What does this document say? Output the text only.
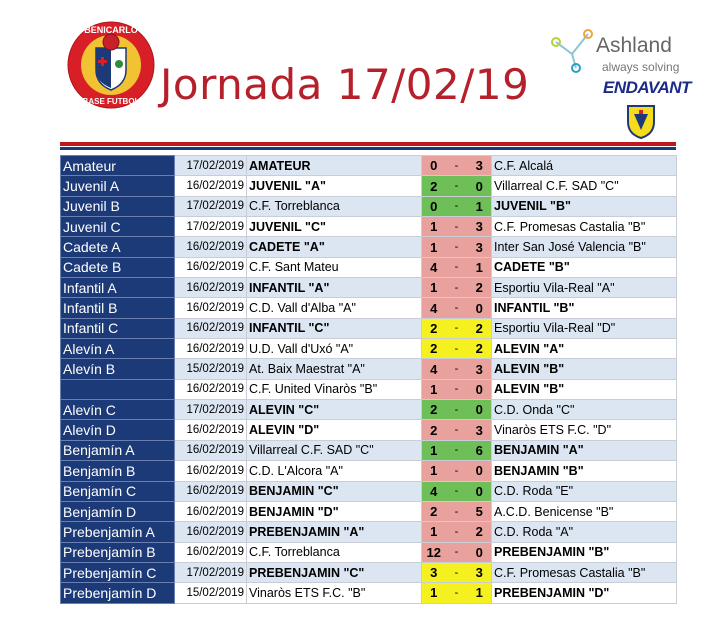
BENICARLO
BASE FUTBOL Jornada 17/02/19
Ashland
always solving
ENDAVANT
Amateur	17/02/2019	AMATEUR	0	-	3	C.F. Alcalá
Juvenil A	16/02/2019	JUVENIL "A"	2	-	0	Villarreal C.F. SAD "C"
Juvenil B	17/02/2019	C.F. Torreblanca	0	-	1	JUVENIL "B"
Juvenil C	17/02/2019	JUVENIL "C"	1	-	3	C.F. Promesas Castalia "B"
Cadete A	16/02/2019	CADETE "A"	1	-	3	Inter San José Valencia "B"
Cadete B	16/02/2019	C.F. Sant Mateu	4	-	1	CADETE "B"
Infantil A	16/02/2019	INFANTIL "A"	1	-	2	Esportiu Vila-Real "A"
Infantil B	16/02/2019	C.D. Vall d'Alba "A"	4	-	0	INFANTIL "B"
Infantil C	16/02/2019	INFANTIL "C"	2	-	2	Esportiu Vila-Real "D"
Alevín A	16/02/2019	U.D. Vall d'Uxó "A"	2	-	2	ALEVIN "A"
Alevín B	15/02/2019	At. Baix Maestrat "A"	4	-	3	ALEVIN "B"
	16/02/2019	C.F. United Vinaròs "B"	1	-	0	ALEVIN "B"
Alevín C	17/02/2019	ALEVIN "C"	2	-	0	C.D. Onda "C"
Alevín D	16/02/2019	ALEVIN "D"	2	-	3	Vinaròs ETS F.C. "D"
Benjamín A	16/02/2019	Villarreal C.F. SAD "C"	1	-	6	BENJAMIN "A"
Benjamín B	16/02/2019	C.D. L'Alcora "A"	1	-	0	BENJAMIN "B"
Benjamín C	16/02/2019	BENJAMIN "C"	4	-	0	C.D. Roda "E"
Benjamín D	16/02/2019	BENJAMIN "D"	2	-	5	A.C.D. Benicense "B"
Prebenjamín A	16/02/2019	PREBENJAMIN "A"	1	-	2	C.D. Roda "A"
Prebenjamín B	16/02/2019	C.F. Torreblanca	12	-	0	PREBENJAMIN "B"
Prebenjamín C	17/02/2019	PREBENJAMIN "C"	3	-	3	C.F. Promesas Castalia "B"
Prebenjamín D	15/02/2019	Vinaròs ETS F.C. "B"	1	-	1	PREBENJAMIN "D"
